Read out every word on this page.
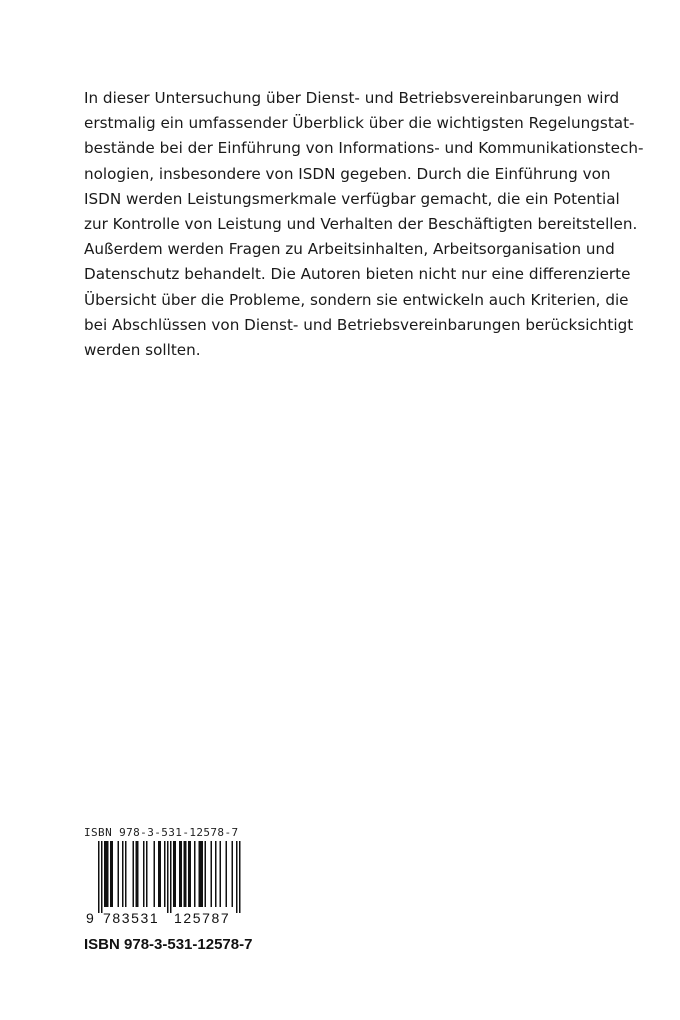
In dieser Untersuchung über Dienst- und Betriebsvereinbarungen wird
erstmalig ein umfassender Überblick über die wichtigsten Regelungstat-
bestände bei der Einführung von Informations- und Kommunikationstech-
nologien, insbesondere von ISDN gegeben. Durch die Einführung von
ISDN werden Leistungsmerkmale verfügbar gemacht, die ein Potential
zur Kontrolle von Leistung und Verhalten der Beschäftigten bereitstellen.
Außerdem werden Fragen zu Arbeitsinhalten, Arbeitsorganisation und
Datenschutz behandelt. Die Autoren bieten nicht nur eine differenzierte
Übersicht über die Probleme, sondern sie entwickeln auch Kriterien, die
bei Abschlüssen von Dienst- und Betriebsvereinbarungen berücksichtigt
werden sollten.
ISBN 978-3-531-12578-7
9 783531 125787
ISBN 978-3-531-12578-7
